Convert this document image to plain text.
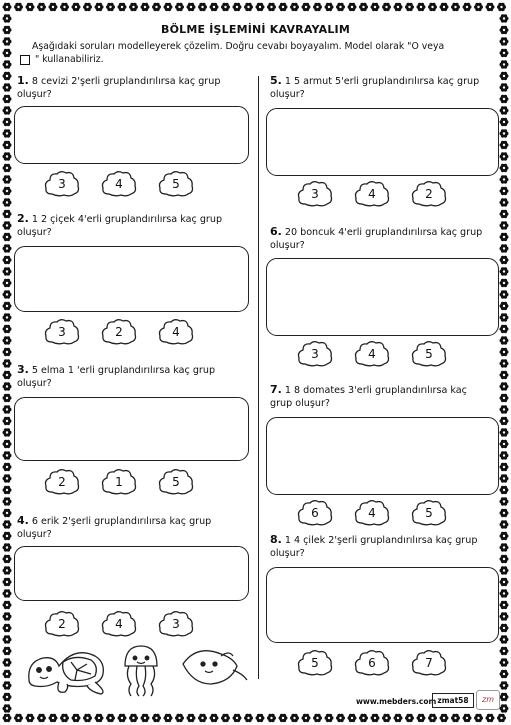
BÖLME İŞLEMİNİ KAVRAYALIM
Aşağıdaki soruları modelleyerek çözelim. Doğru cevabı boyayalım. Model olarak "O veya
" kullanabiliriz.
1. 8 cevizi 2'şerli gruplandırılırsa kaç grup
oluşur?
3	4	5
2. 1 2 çiçek 4'erli gruplandırılırsa kaç grup
oluşur?
3	2	4
3. 5 elma 1 'erli gruplandırılırsa kaç grup
oluşur?
2	1	5
4. 6 erik 2'şerli gruplandırılırsa kaç grup
oluşur?
2	4	3
5. 1 5 armut 5'erli gruplandırılırsa kaç grup
oluşur?
3	4	2
6. 20 boncuk 4'erli gruplandırılırsa kaç grup
oluşur?
3	4	5
7. 1 8 domates 3'erli gruplandırılırsa kaç
grup oluşur?
6	4	5
8. 1 4 çilek 2'şerli gruplandırılırsa kaç grup
oluşur?
5	6	7
www.mebders.com zmat58	zm
